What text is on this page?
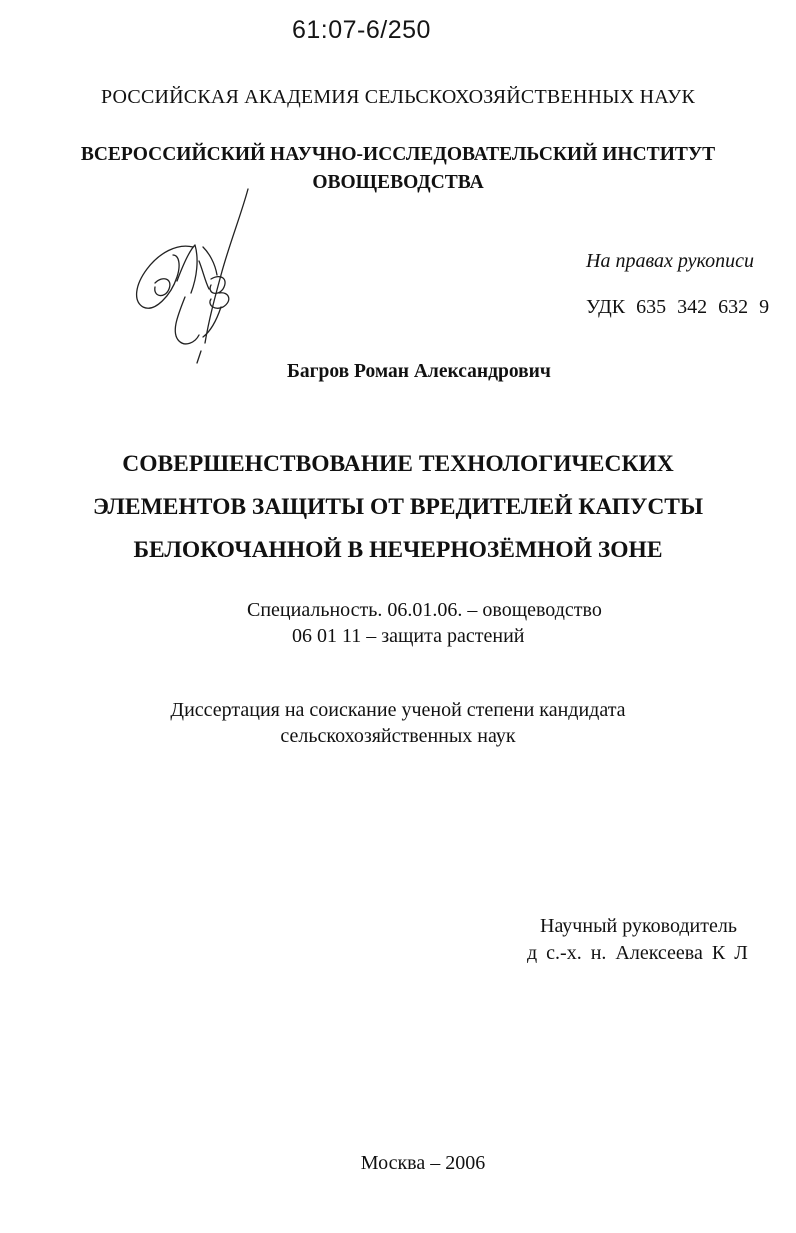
61:07-6/250
РОССИЙСКАЯ АКАДЕМИЯ СЕЛЬСКОХОЗЯЙСТВЕННЫХ НАУК
ВСЕРОССИЙСКИЙ НАУЧНО-ИССЛЕДОВАТЕЛЬСКИЙ ИНСТИТУТ
ОВОЩЕВОДСТВА
На правах рукописи
УДК 635 342 632 9
Багров Роман Александрович
СОВЕРШЕНСТВОВАНИЕ ТЕХНОЛОГИЧЕСКИХ
ЭЛЕМЕНТОВ ЗАЩИТЫ ОТ ВРЕДИТЕЛЕЙ КАПУСТЫ
БЕЛОКОЧАННОЙ В НЕЧЕРНОЗЁМНОЙ ЗОНЕ
Специальность. 06.01.06. – овощеводство
06 01 11 – защита растений
Диссертация на соискание ученой степени кандидата
сельскохозяйственных наук
Научный руководитель
д с.-х. н. Алексеева К Л
Москва – 2006
